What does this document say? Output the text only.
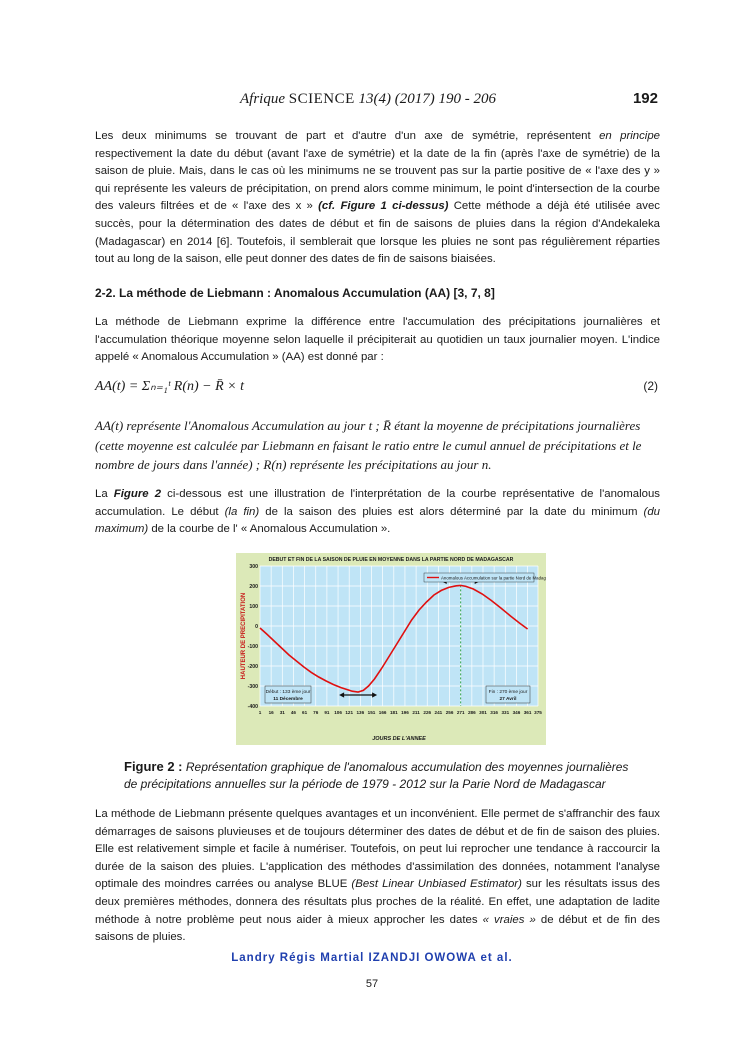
Afrique SCIENCE 13(4) (2017) 190 - 206	192
Les deux minimums se trouvant de part et d'autre d'un axe de symétrie, représentent en principe respectivement la date du début (avant l'axe de symétrie) et la date de la fin (après l'axe de symétrie) de la saison de pluie. Mais, dans le cas où les minimums ne se trouvent pas sur la partie positive de « l'axe des y » qui représente les valeurs de précipitation, on prend alors comme minimum, le point d'intersection de la courbe des valeurs filtrées et de « l'axe des x » (cf. Figure 1 ci-dessus) Cette méthode a déjà été utilisée avec succès, pour la détermination des dates de début et fin de saisons de pluies dans la région d'Andekaleka (Madagascar) en 2014 [6]. Toutefois, il semblerait que lorsque les pluies ne sont pas régulièrement réparties tout au long de la saison, elle peut donner des dates de fin de saisons biaisées.
2-2. La méthode de Liebmann : Anomalous Accumulation (AA) [3, 7, 8]
La méthode de Liebmann exprime la différence entre l'accumulation des précipitations journalières et l'accumulation théorique moyenne selon laquelle il précipiterait au quotidien un taux journalier moyen. L'indice appelé « Anomalous Accumulation » (AA) est donné par :
AA(t) = Σₙ₌₁ᵗ R(n) − R̄ × t	(2)
AA(t) représente l'Anomalous Accumulation au jour t ; R̄ étant la moyenne de précipitations journalières (cette moyenne est calculée par Liebmann en faisant le ratio entre le cumul annuel de précipitations et le nombre de jours dans l'année) ; R(n) représente les précipitations au jour n.
La Figure 2 ci-dessous est une illustration de l'interprétation de la courbe représentative de l'anomalous accumulation. Le début (la fin) de la saison des pluies est alors déterminé par la date du minimum (du maximum) de la courbe de l' « Anomalous Accumulation ».
DEBUT ET FIN DE LA SAISON DE PLUIE EN MOYENNE DANS LA PARTIE NORD DE MADAGASCAR
-400
-300
-200
-100
0
100
200
300
1 16 31 46 61 76 91 106 121 136 151 166 181 196 211 226 241 256 271 286 301 316 331 346 361 375
HAUTEUR DE PRECIPITATION
JOURS DE L'ANNEE
Anomalous Accumulation sur la partie Nord de Madagascar
Début : 133 ème jour
11 Décembre
Fin : 270 ème jour
27 Avril
Figure 2 : Représentation graphique de l'anomalous accumulation des moyennes journalières de précipitations annuelles sur la période de 1979 - 2012 sur la Parie Nord de Madagascar
La méthode de Liebmann présente quelques avantages et un inconvénient. Elle permet de s'affranchir des faux démarrages de saisons pluvieuses et de toujours déterminer des dates de début et de fin de saison des pluies. Elle est relativement simple et facile à numériser. Toutefois, on peut lui reprocher une tendance à raccourcir la durée de la saison des pluies. L'application des méthodes d'assimilation des données, notamment l'analyse optimale des moindres carrées ou analyse BLUE (Best Linear Unbiased Estimator) sur les résultats issus des deux premières méthodes, donnera des résultats plus proches de la réalité. En effet, une adaptation de ladite méthode à notre problème peut nous aider à mieux approcher les dates « vraies » de début et de fin des saisons de pluies.
Landry Régis Martial IZANDJI OWOWA et al.
57
